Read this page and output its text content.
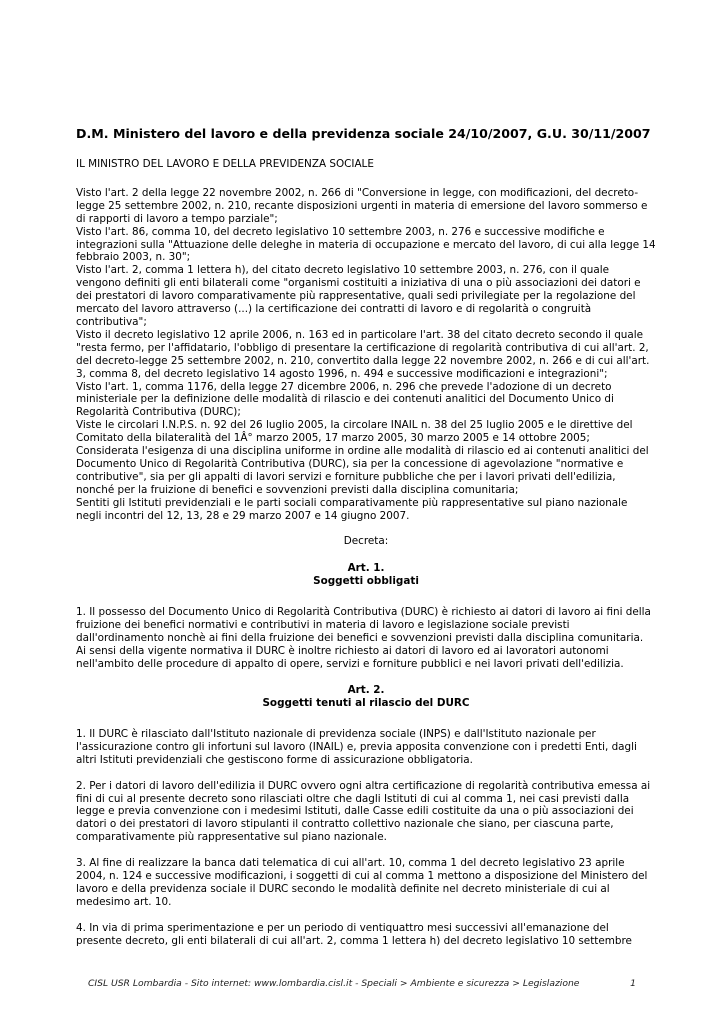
D.M. Ministero del lavoro e della previdenza sociale 24/10/2007, G.U. 30/11/2007

IL MINISTRO DEL LAVORO E DELLA PREVIDENZA SOCIALE

Visto l'art. 2 della legge 22 novembre 2002, n. 266 di "Conversione in legge, con modificazioni, del decreto-legge 25 settembre 2002, n. 210, recante disposizioni urgenti in materia di emersione del lavoro sommerso e di rapporti di lavoro a tempo parziale";
Visto l'art. 86, comma 10, del decreto legislativo 10 settembre 2003, n. 276 e successive modifiche e integrazioni sulla "Attuazione delle deleghe in materia di occupazione e mercato del lavoro, di cui alla legge 14 febbraio 2003, n. 30";
Visto l'art. 2, comma 1 lettera h), del citato decreto legislativo 10 settembre 2003, n. 276, con il quale vengono definiti gli enti bilaterali come "organismi costituiti a iniziativa di una o più associazioni dei datori e dei prestatori di lavoro comparativamente più rappresentative, quali sedi privilegiate per la regolazione del mercato del lavoro attraverso (...) la certificazione dei contratti di lavoro e di regolarità o congruità contributiva";
Visto il decreto legislativo 12 aprile 2006, n. 163 ed in particolare l'art. 38 del citato decreto secondo il quale "resta fermo, per l'affidatario, l'obbligo di presentare la certificazione di regolarità contributiva di cui all'art. 2, del decreto-legge 25 settembre 2002, n. 210, convertito dalla legge 22 novembre 2002, n. 266 e di cui all'art. 3, comma 8, del decreto legislativo 14 agosto 1996, n. 494 e successive modificazioni e integrazioni";
Visto l'art. 1, comma 1176, della legge 27 dicembre 2006, n. 296 che prevede l'adozione di un decreto ministeriale per la definizione delle modalità di rilascio e dei contenuti analitici del Documento Unico di Regolarità Contributiva (DURC);
Viste le circolari I.N.P.S. n. 92 del 26 luglio 2005, la circolare INAIL n. 38 del 25 luglio 2005 e le direttive del Comitato della bilateralità del 1Â° marzo 2005, 17 marzo 2005, 30 marzo 2005 e 14 ottobre 2005;
Considerata l'esigenza di una disciplina uniforme in ordine alle modalità di rilascio ed ai contenuti analitici del Documento Unico di Regolarità Contributiva (DURC), sia per la concessione di agevolazione "normative e contributive", sia per gli appalti di lavori servizi e forniture pubbliche che per i lavori privati dell'edilizia, nonché per la fruizione di benefici e sovvenzioni previsti dalla disciplina comunitaria;
Sentiti gli Istituti previdenziali e le parti sociali comparativamente più rappresentative sul piano nazionale negli incontri del 12, 13, 28 e 29 marzo 2007 e 14 giugno 2007.

Decreta:

Art. 1.
Soggetti obbligati
1. Il possesso del Documento Unico di Regolarità Contributiva (DURC) è richiesto ai datori di lavoro ai fini della fruizione dei benefici normativi e contributivi in materia di lavoro e legislazione sociale previsti dall'ordinamento nonchè ai fini della fruizione dei benefici e sovvenzioni previsti dalla disciplina comunitaria.
Ai sensi della vigente normativa il DURC è inoltre richiesto ai datori di lavoro ed ai lavoratori autonomi nell'ambito delle procedure di appalto di opere, servizi e forniture pubblici e nei lavori privati dell'edilizia.
Art. 2.
Soggetti tenuti al rilascio del DURC

1. Il DURC è rilasciato dall'Istituto nazionale di previdenza sociale (INPS) e dall'Istituto nazionale per l'assicurazione contro gli infortuni sul lavoro (INAIL) e, previa apposita convenzione con i predetti Enti, dagli altri Istituti previdenziali che gestiscono forme di assicurazione obbligatoria.

2. Per i datori di lavoro dell'edilizia il DURC ovvero ogni altra certificazione di regolarità contributiva emessa ai fini di cui al presente decreto sono rilasciati oltre che dagli Istituti di cui al comma 1, nei casi previsti dalla legge e previa convenzione con i medesimi Istituti, dalle Casse edili costituite da una o più associazioni dei datori o dei prestatori di lavoro stipulanti il contratto collettivo nazionale che siano, per ciascuna parte, comparativamente più rappresentative sul piano nazionale.

3. Al fine di realizzare la banca dati telematica di cui all'art. 10, comma 1 del decreto legislativo 23 aprile 2004, n. 124 e successive modificazioni, i soggetti di cui al comma 1 mettono a disposizione del Ministero del lavoro e della previdenza sociale il DURC secondo le modalità definite nel decreto ministeriale di cui al medesimo art. 10.

4. In via di prima sperimentazione e per un periodo di ventiquattro mesi successivi all'emanazione del presente decreto, gli enti bilaterali di cui all'art. 2, comma 1 lettera h) del decreto legislativo 10 settembre

CISL USR Lombardia - Sito internet: www.lombardia.cisl.it - Speciali > Ambiente e sicurezza > Legislazione	1
